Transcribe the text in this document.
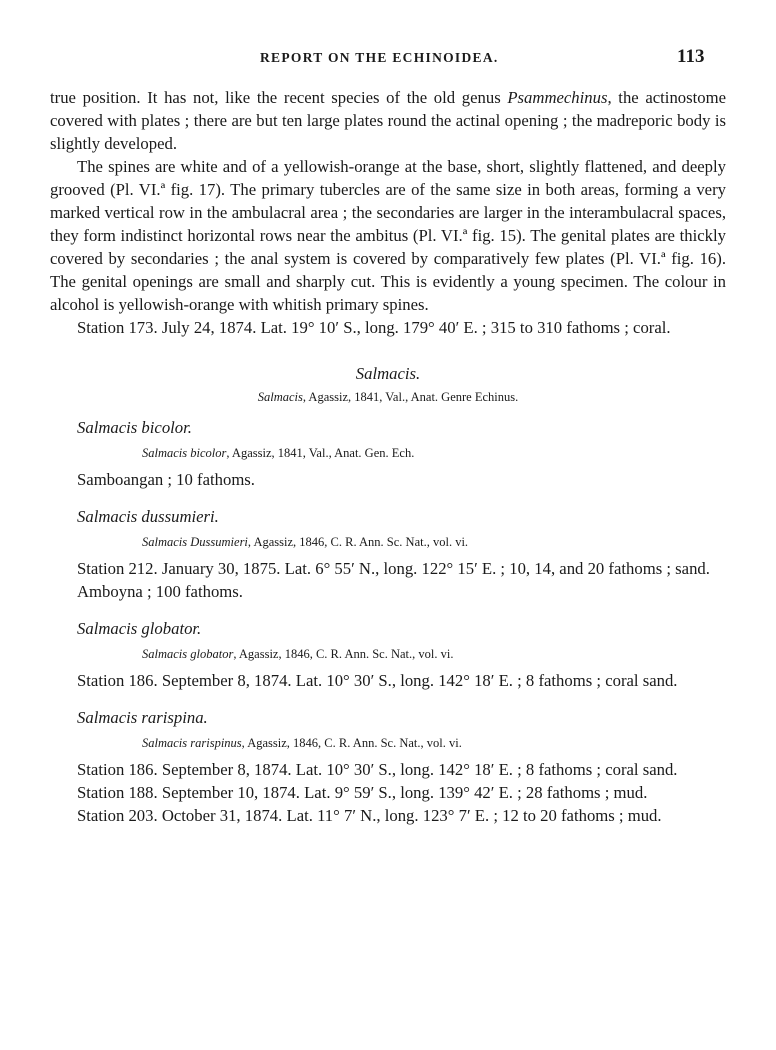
REPORT ON THE ECHINOIDEA.	113

true position. It has not, like the recent species of the old genus Psammechinus, the actinostome covered with plates ; there are but ten large plates round the actinal opening ; the madreporic body is slightly developed.

The spines are white and of a yellowish-orange at the base, short, slightly flattened, and deeply grooved (Pl. VI.ª fig. 17). The primary tubercles are of the same size in both areas, forming a very marked vertical row in the ambulacral area ; the secondaries are larger in the interambulacral spaces, they form indistinct horizontal rows near the ambitus (Pl. VI.ª fig. 15). The genital plates are thickly covered by secondaries ; the anal system is covered by comparatively few plates (Pl. VI.ª fig. 16). The genital openings are small and sharply cut. This is evidently a young specimen. The colour in alcohol is yellowish-orange with whitish primary spines.

Station 173. July 24, 1874. Lat. 19° 10′ S., long. 179° 40′ E. ; 315 to 310 fathoms ; coral.

Salmacis.
Salmacis, Agassiz, 1841, Val., Anat. Genre Echinus.
Salmacis bicolor.
Salmacis bicolor, Agassiz, 1841, Val., Anat. Gen. Ech.

Samboangan ; 10 fathoms.

Salmacis dussumieri.
Salmacis Dussumieri, Agassiz, 1846, C. R. Ann. Sc. Nat., vol. vi.

Station 212. January 30, 1875. Lat. 6° 55′ N., long. 122° 15′ E. ; 10, 14, and 20 fathoms ; sand.

Amboyna ; 100 fathoms.

Salmacis globator.
Salmacis globator, Agassiz, 1846, C. R. Ann. Sc. Nat., vol. vi.

Station 186. September 8, 1874. Lat. 10° 30′ S., long. 142° 18′ E. ; 8 fathoms ; coral sand.

Salmacis rarispina.
Salmacis rarispinus, Agassiz, 1846, C. R. Ann. Sc. Nat., vol. vi.

Station 186. September 8, 1874. Lat. 10° 30′ S., long. 142° 18′ E. ; 8 fathoms ; coral sand.

Station 188. September 10, 1874. Lat. 9° 59′ S., long. 139° 42′ E. ; 28 fathoms ; mud.

Station 203. October 31, 1874. Lat. 11° 7′ N., long. 123° 7′ E. ; 12 to 20 fathoms ; mud.
